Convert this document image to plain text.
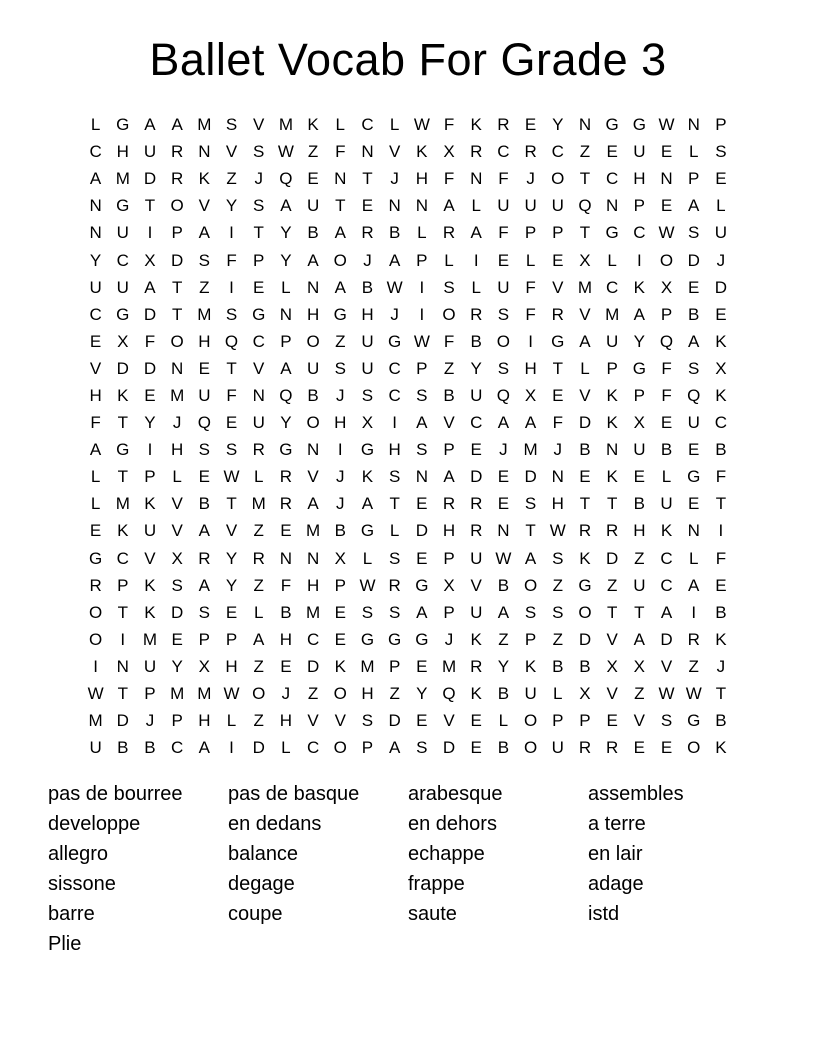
Ballet Vocab For Grade 3
L G A A M S V M K L C L W F K R E Y N G G W N P
C H U R N V S W Z F N V K X R C R C Z E U E L S
A M D R K Z	J Q E N T	J H F N F	J O T C H N P E
N G T O V Y S A U T E N N A L U U U Q N P E A L
N U	I	P A	I	T Y B A R B L R A F P P T G C W S U
Y C X D S F P Y A O J	A P L	I	E L E X L	I	O D J
U U A T Z	I	E L N A B W I	S L U F V M C K X E D
C G D T M S G N H G H J	I	O R S F R V M A P B E
E X F O H Q C P O Z U G W F B O	I	G A U Y Q A K
V D D N E T V A U S U C P Z Y S H T	L P G F S X
H K E M U F N Q B	J	S C S B U Q X E V K P F Q K
F T Y	J Q E U Y O H X	I	A V C A A F D K X E U C
A G	I	H S S R G N	I	G H S P E	J M J	B N U B E B
L	T P L E W L R V	J	K S N A D E D N E K E L G F
L M K V B T M R A	J	A T E R R E S H T T B U E T
E K U V A V Z E M B G L D H R N T W R R H K N	I
G C V X R Y R N N X L S E P U W A S K D Z C L	F
R P K S A Y Z F H P W R G X V B O Z G Z U C A E
O T K D S E L B M E S S A P U A S S O T T A	I	B
O	I	M E P P A H C E G G G J	K Z P Z D V A D R K
I	N U Y X H Z E D K M P E M R Y K B B X X V Z	J
W T P M M W O J	Z O H Z Y Q K B U L X V Z W W T
M D J	P H L	Z H V V S D E V E L O P P E V S G B
U B B C A	I	D L C O P A S D E B O U R R E E O K
pas de bourree
developpe
allegro
sissone
barre
Plie
pas de basque
en dedans
balance
degage
coupe
arabesque
en dehors
echappe
frappe
saute
assembles
a terre
en lair
adage
istd
